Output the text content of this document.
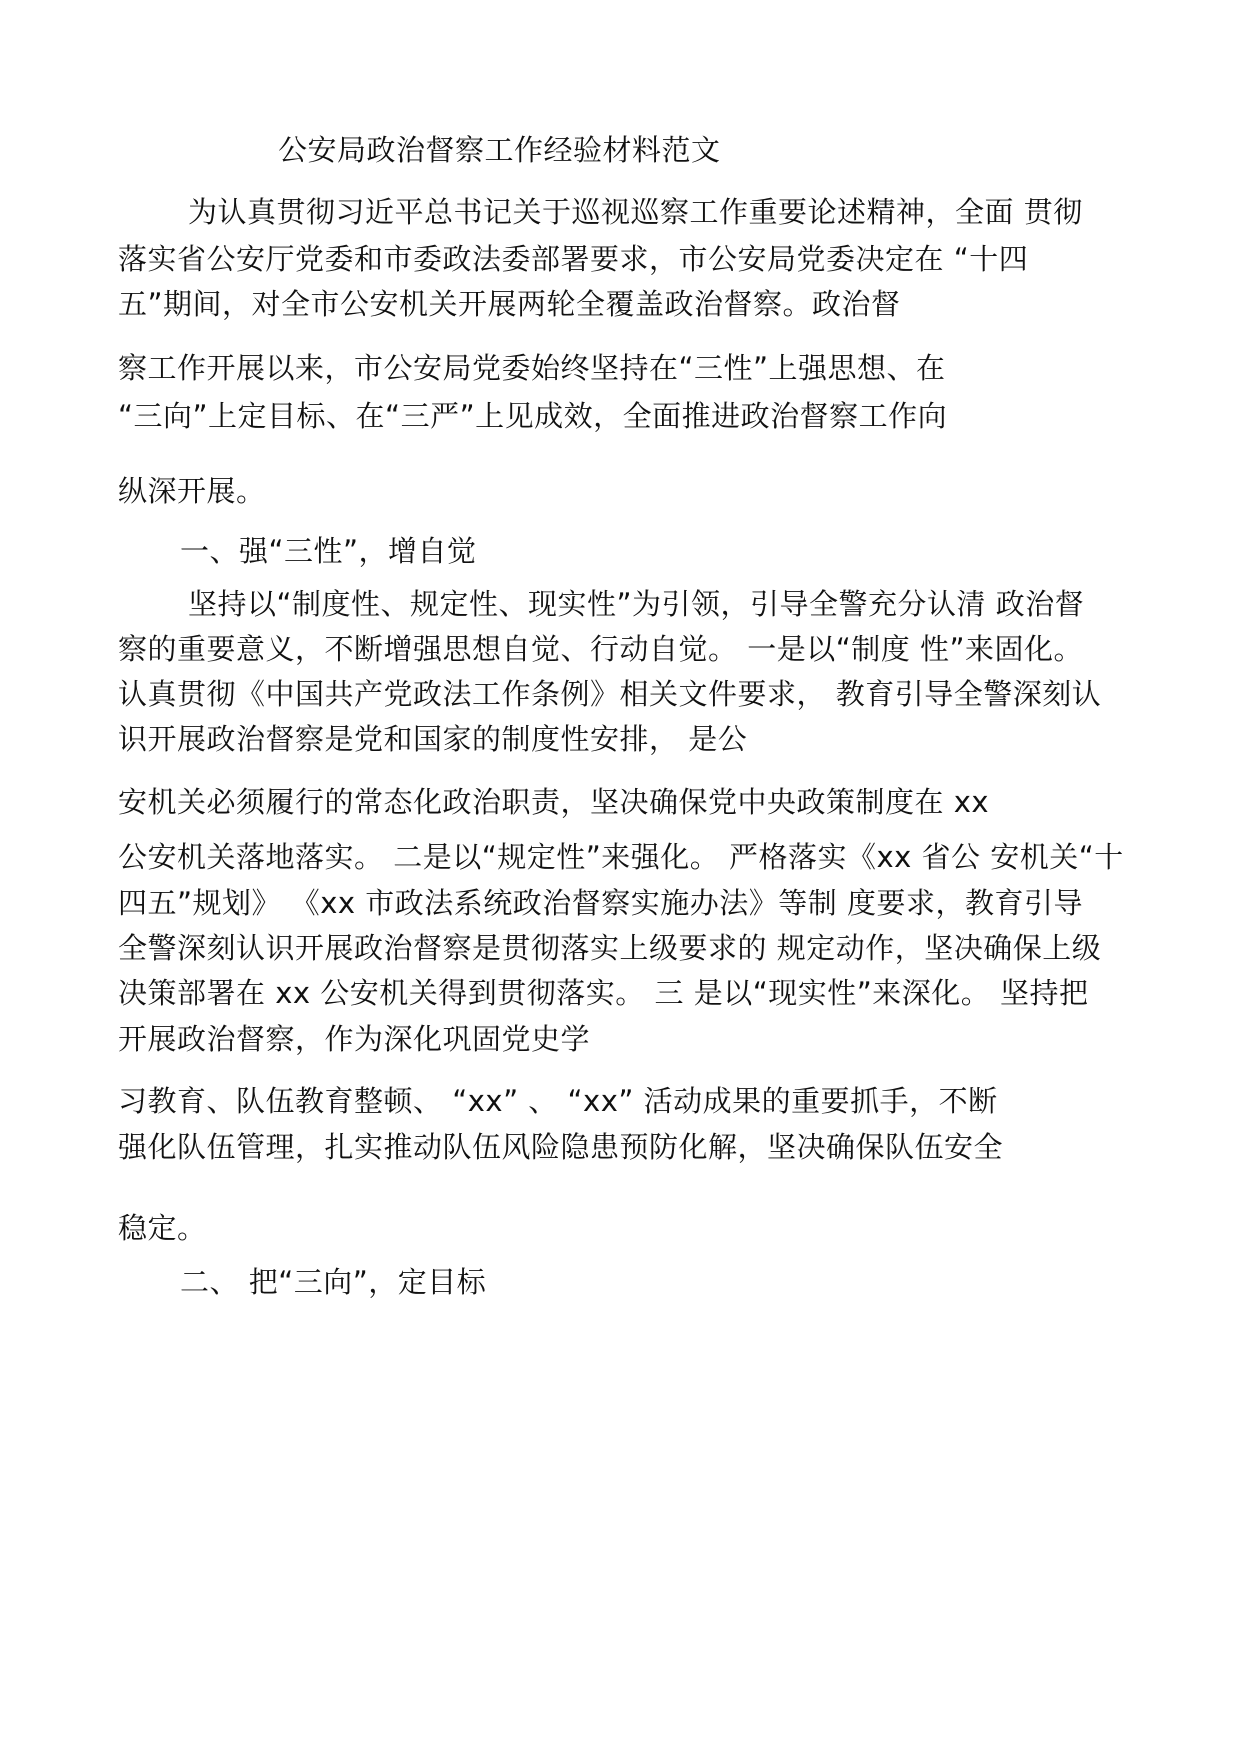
公安局政治督察工作经验材料范文
为认真贯彻习近平总书记关于巡视巡察工作重要论述精神，全面 贯彻
落实省公安厅党委和市委政法委部署要求，市公安局党委决定在 “十四
五”期间，对全市公安机关开展两轮全覆盖政治督察。政治督
察工作开展以来，市公安局党委始终坚持在“三性”上强思想、在
“三向”上定目标、在“三严”上见成效，全面推进政治督察工作向
纵深开展。
一、强“三性”，增自觉
坚持以“制度性、规定性、现实性”为引领，引导全警充分认清 政治督
察的重要意义，不断增强思想自觉、行动自觉。 一是以“制度 性”来固化。
认真贯彻《中国共产党政法工作条例》相关文件要求， 教育引导全警深刻认
识开展政治督察是党和国家的制度性安排， 是公
安机关必须履行的常态化政治职责，坚决确保党中央政策制度在 xx
公安机关落地落实。 二是以“规定性”来强化。 严格落实《xx 省公 安机关“十
四五”规划》 《xx 市政法系统政治督察实施办法》等制 度要求，教育引导
全警深刻认识开展政治督察是贯彻落实上级要求的 规定动作，坚决确保上级
决策部署在 xx 公安机关得到贯彻落实。 三 是以“现实性”来深化。 坚持把
开展政治督察，作为深化巩固党史学
习教育、队伍教育整顿、 “xx” 、 “xx” 活动成果的重要抓手，不断
强化队伍管理，扎实推动队伍风险隐患预防化解，坚决确保队伍安全
稳定。
二、 把“三向”，定目标
